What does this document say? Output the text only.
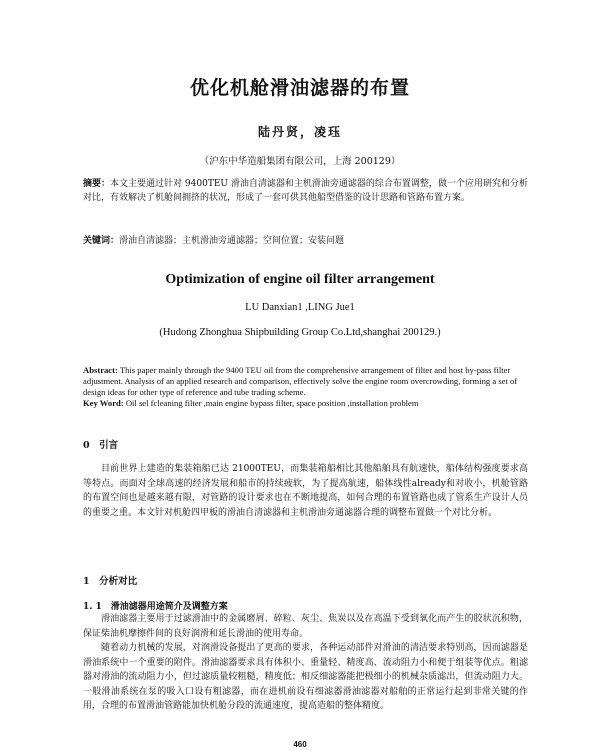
优化机舱滑油滤器的布置
陆丹贤，凌珏
（沪东中华造船集团有限公司，上海 200129）
摘要：本文主要通过针对 9400TEU 滑油自清滤器和主机滑油旁通滤器的综合布置调整，做一个应用研究和分析对比，有效解决了机舱间拥挤的状况，形成了一套可供其他船型借鉴的设计思路和管路布置方案。
关键词：滑油自清滤器；主机滑油旁通滤器；空间位置；安装问题
Optimization of engine oil filter arrangement
LU Danxian1 ,LING Jue1
(Hudong Zhonghua Shipbuilding Group Co.Ltd,shanghai 200129.)
Abstract: This paper mainly through the 9400 TEU oil from the comprehensive arrangement of filter and host by-pass filter adjustment. Analysis of an applied research and comparison, effectively solve the engine room overcrowding, forming a set of design ideas for other type of reference and tube trading scheme.
Key Word: Oil sel fcleaning filter ,main engine bypass filter, space position ,installation problem
0　引言
目前世界上建造的集装箱船已达 21000TEU，而集装箱船相比其他船舶具有航速快，船体结构强度要求高等特点。而面对全球高速的经济发展和船市的持续疲软，为了提高航速，船体线性already和对收小，机舱管路的布置空间也是越来越有限，对管路的设计要求也在不断地提高，如何合理的布置管路也成了管系生产设计人员的重要之重。本文针对机舱四甲板的滑油自清滤器和主机滑油旁通滤器合理的调整布置做一个对比分析。
1　分析对比
1. 1　滑油滤器用途简介及调整方案

滑油滤器主要用于过滤滑油中的金属磨屑、碎粒、灰尘、焦炭以及在高温下受到氧化而产生的胶状沉积物，保证柴油机摩擦件间的良好润滑和延长滑油的使用寿命。

随着动力机械的发展，对润滑设备提出了更高的要求，各种运动部件对滑油的清洁要求特别高，因而滤器是滑油系统中一个重要的附件。滑油滤器要求具有体积小、重量轻、精度高、流动阻力小和便于组装等优点。粗滤器对滑油的流动阻力小，但过滤质量较粗糙，精度低；相反细滤器能把极细小的机械杂质滤出，但流动阻力大。一般滑油系统在泵的吸入口设有粗滤器，而在进机前设有细滤器滑油滤器对船舶的正常运行起到非常关键的作用，合理的布置滑油管路能加快机舱分段的流通速度，提高造船的整体精度。

460
